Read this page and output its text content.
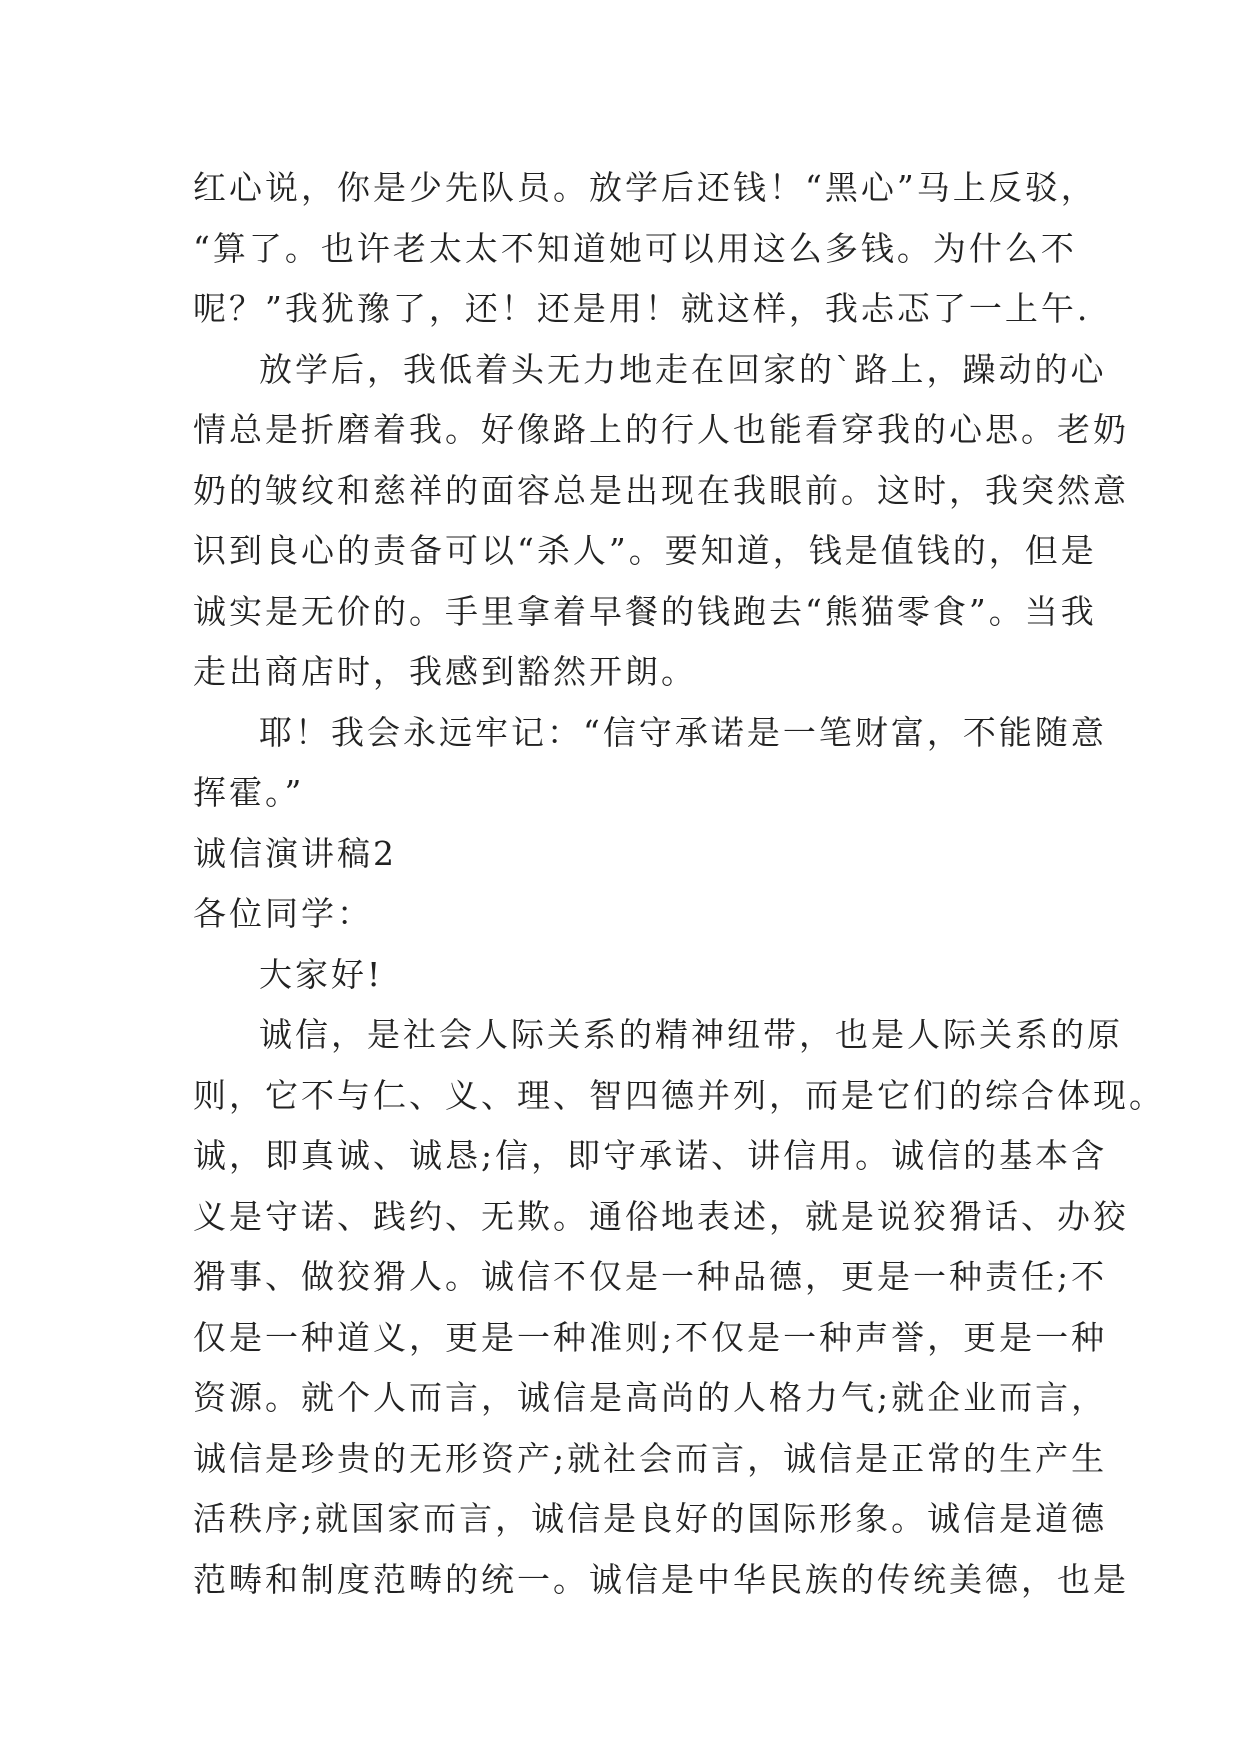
红心说，你是少先队员。放学后还钱！“黑心”马上反驳，
“算了。也许老太太不知道她可以用这么多钱。为什么不
呢？”我犹豫了，还！还是用！就这样，我忐忑了一上午.
放学后，我低着头无力地走在回家的`路上，躁动的心
情总是折磨着我。好像路上的行人也能看穿我的心思。老奶
奶的皱纹和慈祥的面容总是出现在我眼前。这时，我突然意
识到良心的责备可以“杀人”。要知道，钱是值钱的，但是
诚实是无价的。手里拿着早餐的钱跑去“熊猫零食”。当我
走出商店时，我感到豁然开朗。
耶！我会永远牢记：“信守承诺是一笔财富，不能随意
挥霍。”
诚信演讲稿2
各位同学：
大家好!
诚信，是社会人际关系的精神纽带，也是人际关系的原
则，它不与仁、义、理、智四德并列，而是它们的综合体现。
诚，即真诚、诚恳;信，即守承诺、讲信用。诚信的基本含
义是守诺、践约、无欺。通俗地表述，就是说狡猾话、办狡
猾事、做狡猾人。诚信不仅是一种品德，更是一种责任;不
仅是一种道义，更是一种准则;不仅是一种声誉，更是一种
资源。就个人而言，诚信是高尚的人格力气;就企业而言，
诚信是珍贵的无形资产;就社会而言，诚信是正常的生产生
活秩序;就国家而言，诚信是良好的国际形象。诚信是道德
范畴和制度范畴的统一。诚信是中华民族的传统美德，也是
